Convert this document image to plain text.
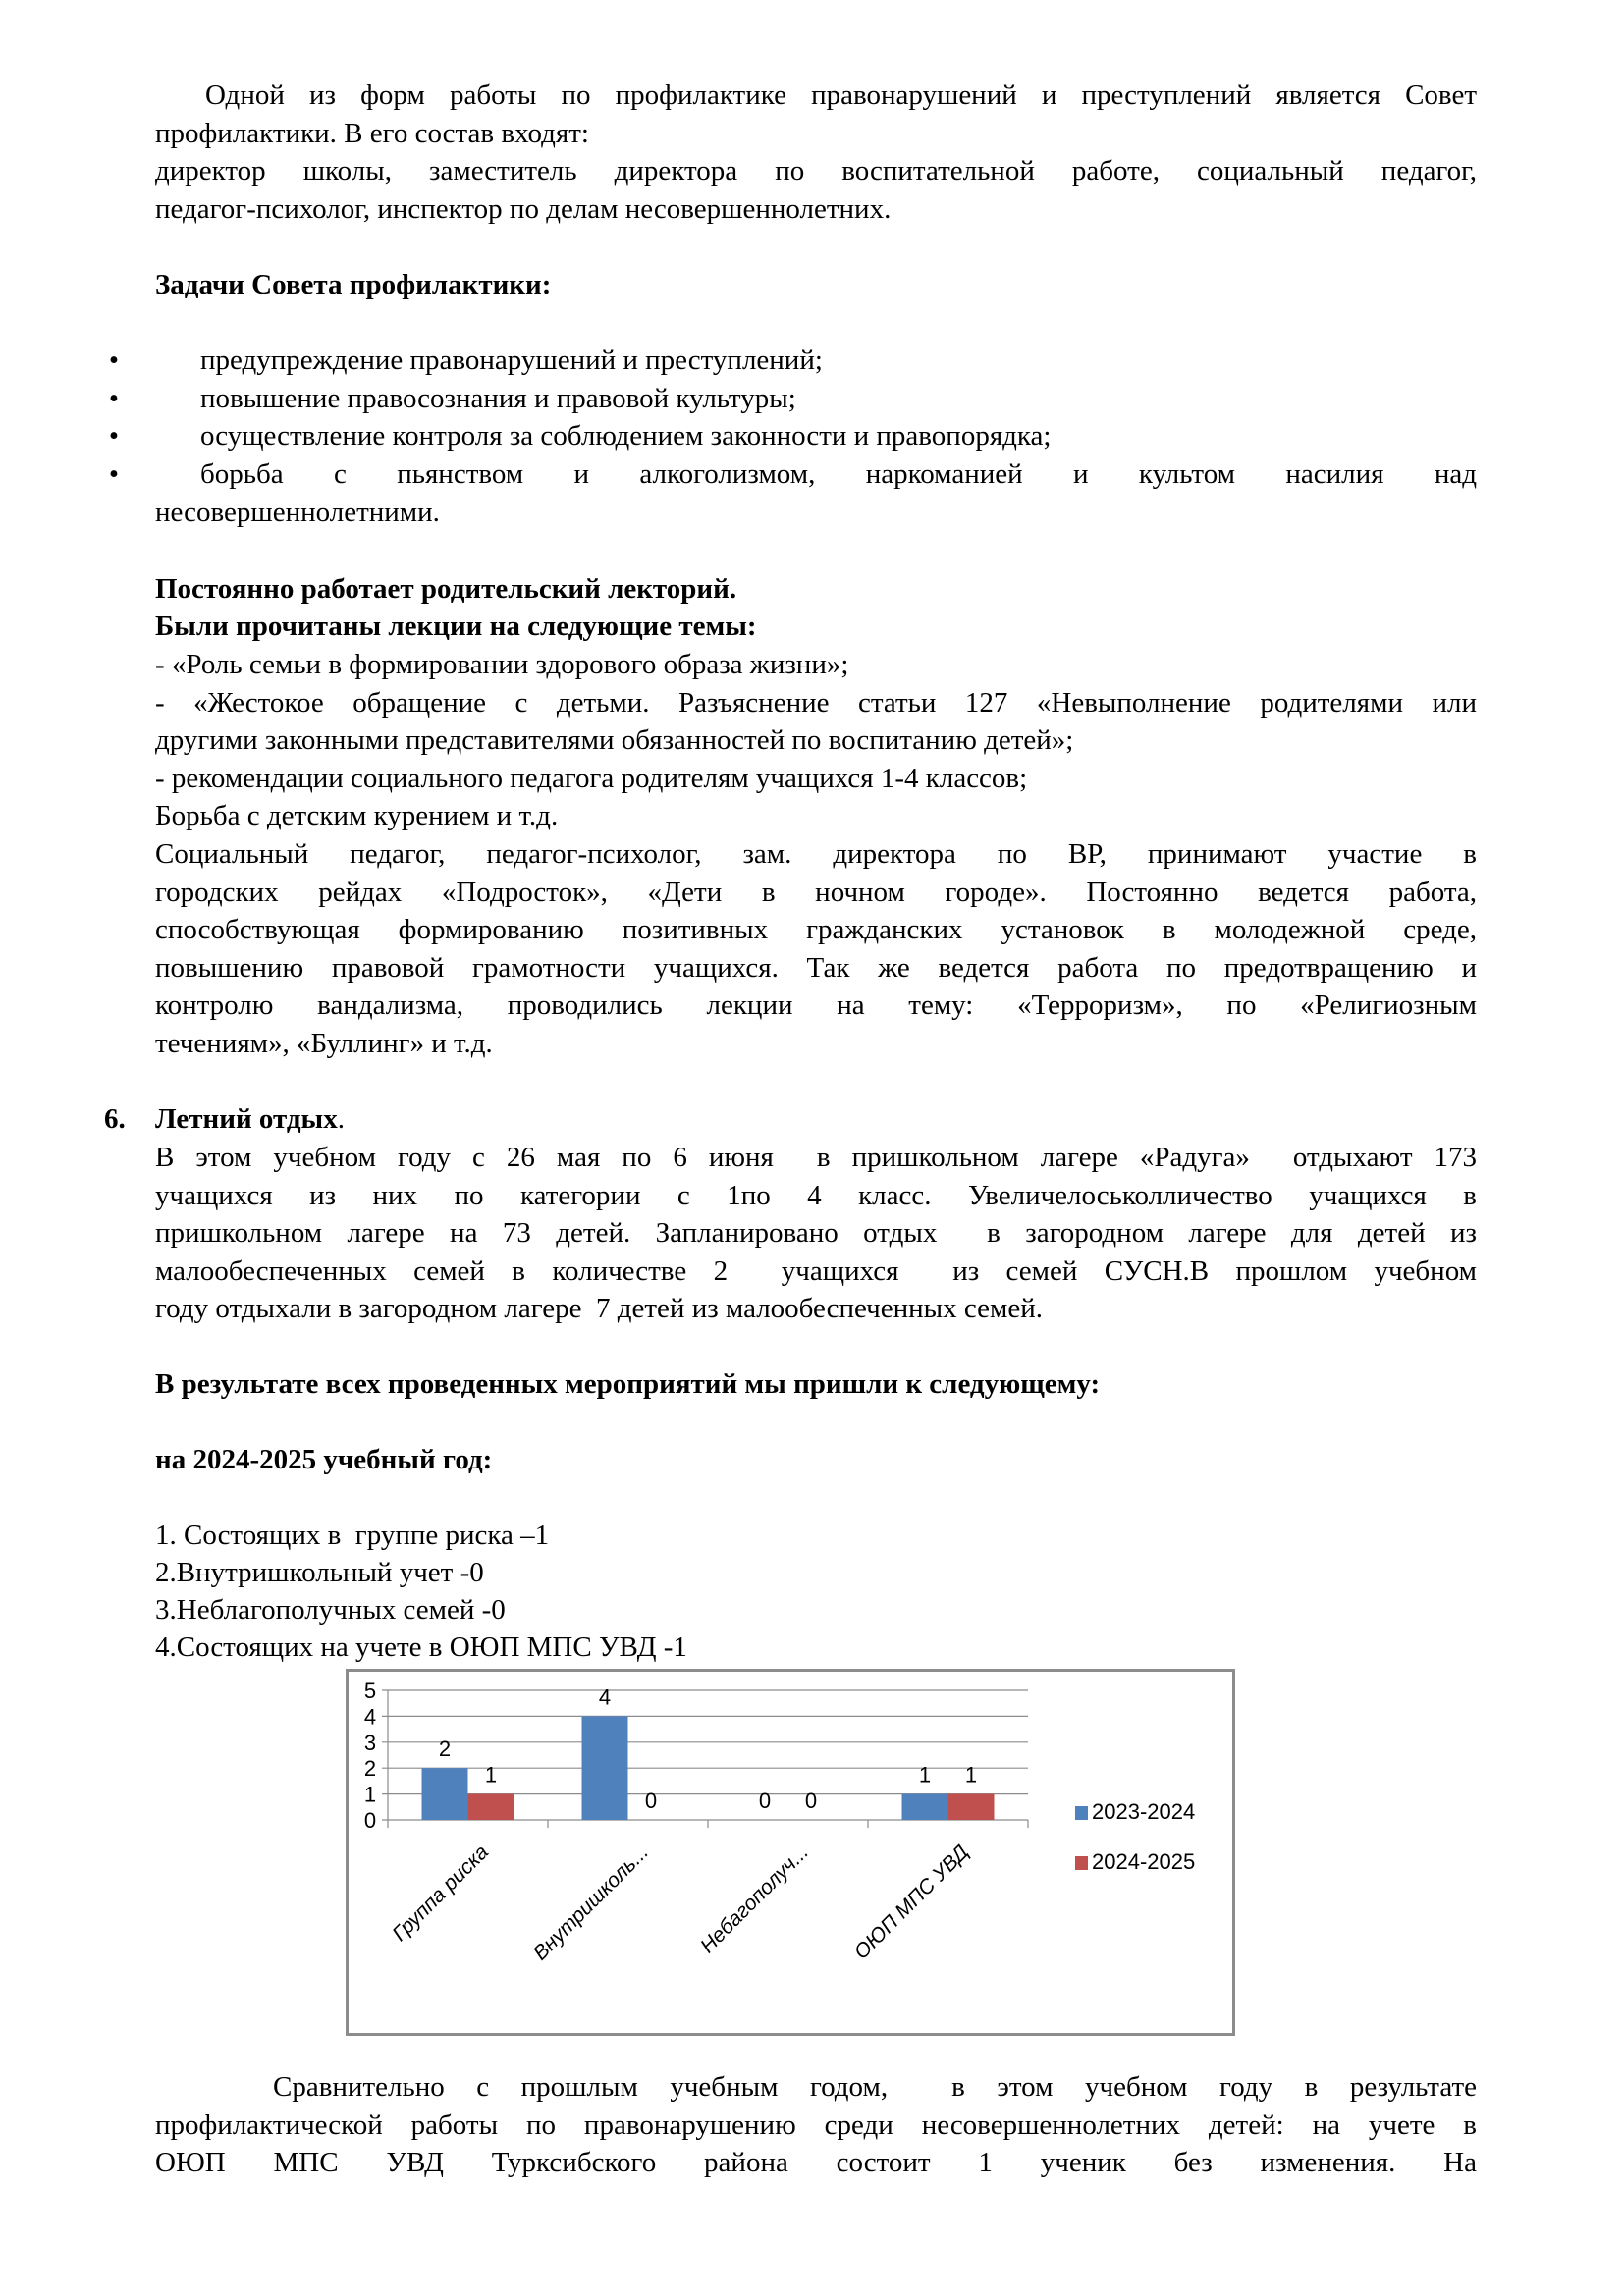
Одной из форм работы по профилактике правонарушений и преступлений является Совет

профилактики. В его состав входят:

директор школы, заместитель директора по воспитательной работе, социальный педагог,

педагог-психолог, инспектор по делам несовершеннолетних.

Задачи Совета профилактики:
•	предупреждение правонарушений и преступлений;
•	повышение правосознания и правовой культуры;
•	осуществление контроля за соблюдением законности и правопорядка;
•	борьба с пьянством и алкоголизмом, наркоманией и культом насилия над
несовершеннолетними.
Постоянно работает родительский лекторий.
Были прочитаны лекции на следующие темы:
- «Роль семьи в формировании здорового образа жизни»;
- «Жестокое обращение с детьми. Разъяснение статьи 127 «Невыполнение родителями или
другими законными представителями обязанностей по воспитанию детей»;
- рекомендации социального педагога родителям учащихся 1-4 классов;
Борьба с детским курением и т.д.

Социальный педагог, педагог-психолог, зам. директора по ВР, принимают участие в

городских рейдах «Подросток», «Дети в ночном городе». Постоянно ведется работа,

способствующая формированию позитивных гражданских установок в молодежной среде,

повышению правовой грамотности учащихся. Так же ведется работа по предотвращению и

контролю вандализма, проводились лекции на тему: «Терроризм», по «Религиозным

течениям», «Буллинг» и т.д.

6. Летний отдых.

В этом учебном году с 26 мая по 6 июня  в пришкольном лагере «Радуга»  отдыхают 173

учащихся из них по категории с 1по 4 класс. Увеличелоськолличество учащихся в

пришкольном лагере на 73 детей. Запланировано отдых  в загородном лагере для детей из

малообеспеченных семей в количестве 2  учащихся  из семей СУСН.В прошлом учебном

году отдыхали в загородном лагере  7 детей из малообеспеченных семей.

В результате всех проведенных мероприятий мы пришли к следующему:
на 2024-2025 учебный год:
1. Состоящих в  группе риска –1
2.Внутришкольный учет -0
3.Неблагополучных семей -0
4.Состоящих на учете в ОЮП МПС УВД -1

Сравнительно с прошлым учебным годом,  в этом учебном году в результате

профилактической работы по правонарушению среди несовершеннолетних детей: на учете в

ОЮП МПС УВД Турксибского района состоит 1 ученик без изменения. На

0
1
2
3
4
5
2
1
Группа риска
4
0
Внутришколь...
0 0
Небагополуч...
1 1
ОЮП МПС УВД
2023-2024
2024-2025
